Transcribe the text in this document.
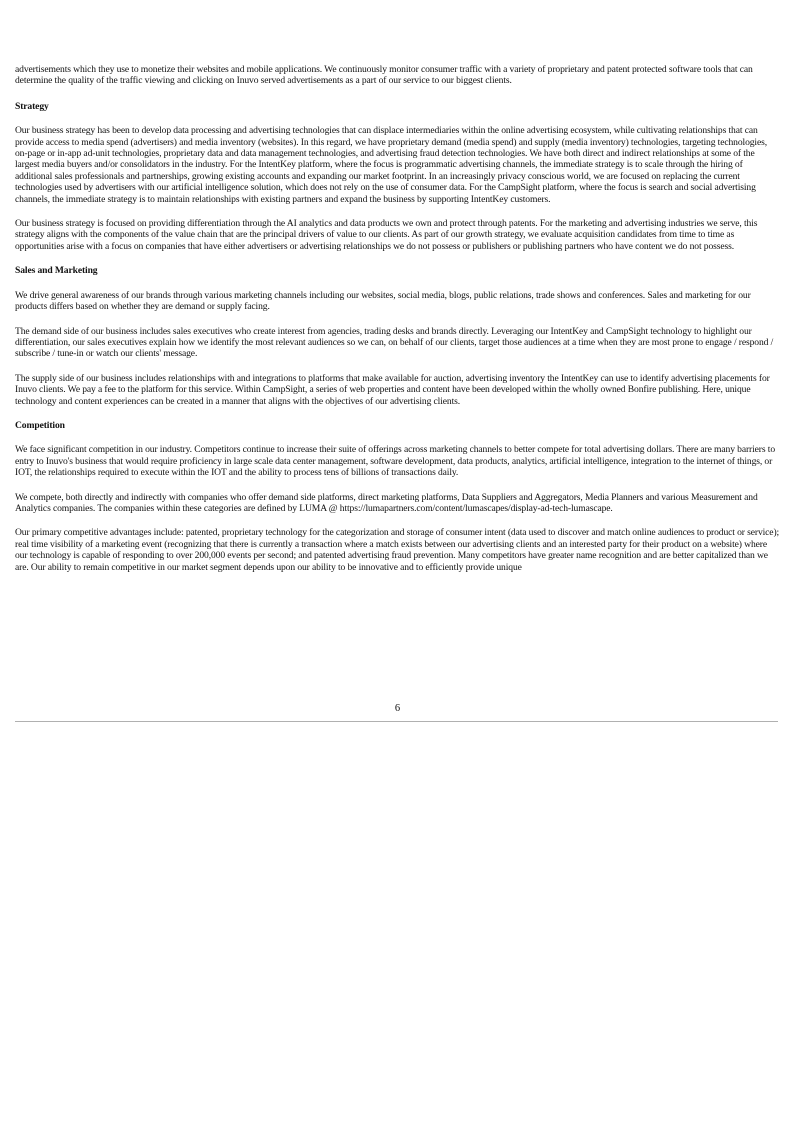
advertisements which they use to monetize their websites and mobile applications. We continuously monitor consumer traffic with a variety of proprietary and patent protected software tools that can determine the quality of the traffic viewing and clicking on Inuvo served advertisements as a part of our service to our biggest clients.

Strategy

Our business strategy has been to develop data processing and advertising technologies that can displace intermediaries within the online advertising ecosystem, while cultivating relationships that can provide access to media spend (advertisers) and media inventory (websites). In this regard, we have proprietary demand (media spend) and supply (media inventory) technologies, targeting technologies, on-page or in-app ad-unit technologies, proprietary data and data management technologies, and advertising fraud detection technologies. We have both direct and indirect relationships at some of the largest media buyers and/or consolidators in the industry. For the IntentKey platform, where the focus is programmatic advertising channels, the immediate strategy is to scale through the hiring of additional sales professionals and partnerships, growing existing accounts and expanding our market footprint. In an increasingly privacy conscious world, we are focused on replacing the current technologies used by advertisers with our artificial intelligence solution, which does not rely on the use of consumer data. For the CampSight platform, where the focus is search and social advertising channels, the immediate strategy is to maintain relationships with existing partners and expand the business by supporting IntentKey customers.

Our business strategy is focused on providing differentiation through the AI analytics and data products we own and protect through patents. For the marketing and advertising industries we serve, this strategy aligns with the components of the value chain that are the principal drivers of value to our clients. As part of our growth strategy, we evaluate acquisition candidates from time to time as opportunities arise with a focus on companies that have either advertisers or advertising relationships we do not possess or publishers or publishing partners who have content we do not possess.

Sales and Marketing

We drive general awareness of our brands through various marketing channels including our websites, social media, blogs, public relations, trade shows and conferences. Sales and marketing for our products differs based on whether they are demand or supply facing.

The demand side of our business includes sales executives who create interest from agencies, trading desks and brands directly. Leveraging our IntentKey and CampSight technology to highlight our differentiation, our sales executives explain how we identify the most relevant audiences so we can, on behalf of our clients, target those audiences at a time when they are most prone to engage / respond / subscribe / tune-in or watch our clients' message.

The supply side of our business includes relationships with and integrations to platforms that make available for auction, advertising inventory the IntentKey can use to identify advertising placements for Inuvo clients. We pay a fee to the platform for this service. Within CampSight, a series of web properties and content have been developed within the wholly owned Bonfire publishing. Here, unique technology and content experiences can be created in a manner that aligns with the objectives of our advertising clients.

Competition

We face significant competition in our industry. Competitors continue to increase their suite of offerings across marketing channels to better compete for total advertising dollars. There are many barriers to entry to Inuvo's business that would require proficiency in large scale data center management, software development, data products, analytics, artificial intelligence, integration to the internet of things, or IOT, the relationships required to execute within the IOT and the ability to process tens of billions of transactions daily.

We compete, both directly and indirectly with companies who offer demand side platforms, direct marketing platforms, Data Suppliers and Aggregators, Media Planners and various Measurement and Analytics companies. The companies within these categories are defined by LUMA @ https://lumapartners.com/content/lumascapes/display-ad-tech-lumascape.

Our primary competitive advantages include: patented, proprietary technology for the categorization and storage of consumer intent (data used to discover and match online audiences to product or service); real time visibility of a marketing event (recognizing that there is currently a transaction where a match exists between our advertising clients and an interested party for their product on a website) where our technology is capable of responding to over 200,000 events per second; and patented advertising fraud prevention. Many competitors have greater name recognition and are better capitalized than we are. Our ability to remain competitive in our market segment depends upon our ability to be innovative and to efficiently provide unique

6
